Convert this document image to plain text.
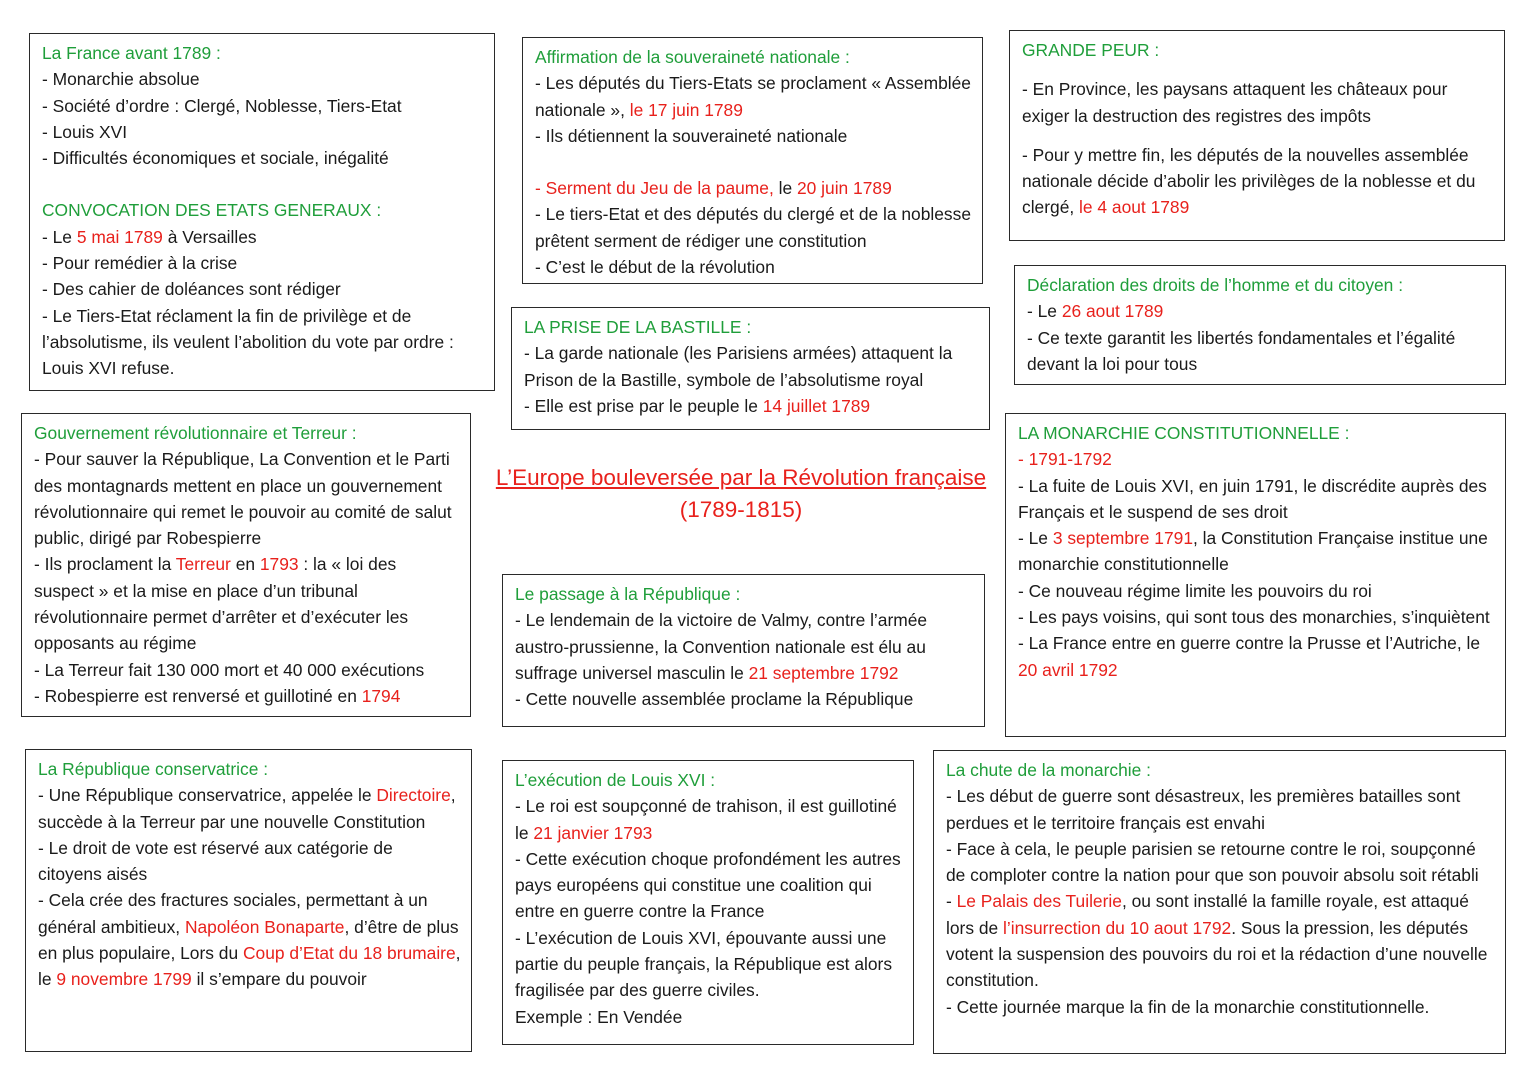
L’Europe bouleversée par la Révolution française
(1789-1815)

La France avant 1789 :

- Monarchie absolue

- Société d’ordre : Clergé, Noblesse, Tiers-Etat

- Louis XVI

- Difficultés économiques et sociale, inégalité

CONVOCATION DES ETATS GENERAUX :

- Le 5 mai 1789 à Versailles

- Pour remédier à la crise

- Des cahier de doléances sont rédiger

- Le Tiers-Etat réclament la fin de privilège et de l’absolutisme, ils veulent l’abolition du vote par ordre : Louis XVI refuse.

Affirmation de la souveraineté nationale :

- Les députés du Tiers-Etats se proclament « Assemblée nationale », le 17 juin 1789

- Ils détiennent la souveraineté nationale

- Serment du Jeu de la paume, le 20 juin 1789

- Le tiers-Etat et des députés du clergé et de la noblesse prêtent serment de rédiger une constitution

- C’est le début de la révolution

GRANDE PEUR :

- En Province, les paysans attaquent les châteaux pour exiger la destruction des registres des impôts

- Pour y mettre fin, les députés de la nouvelles assemblée nationale décide d’abolir les privilèges de la noblesse et du clergé, le 4 aout 1789

LA PRISE DE LA BASTILLE :

- La garde nationale (les Parisiens armées) attaquent la Prison de la Bastille, symbole de l’absolutisme royal

- Elle est prise par le peuple le 14 juillet 1789

Déclaration des droits de l’homme et du citoyen :

- Le 26 aout 1789

- Ce texte garantit les libertés fondamentales et l’égalité devant la loi pour tous

Gouvernement révolutionnaire et Terreur :

- Pour sauver la République, La Convention et le Parti des montagnards mettent en place un gouvernement révolutionnaire qui remet le pouvoir au comité de salut public, dirigé par Robespierre

- Ils proclament la Terreur en 1793 : la « loi des suspect » et la mise en place d’un tribunal révolutionnaire permet d’arrêter et d’exécuter les opposants au régime

- La Terreur fait 130 000 mort et 40 000 exécutions

- Robespierre est renversé et guillotiné en 1794

LA MONARCHIE CONSTITUTIONNELLE :

- 1791-1792

- La fuite de Louis XVI, en juin 1791, le discrédite auprès des Français et le suspend de ses droit

- Le 3 septembre 1791, la Constitution Française institue une monarchie constitutionnelle

- Ce nouveau régime limite les pouvoirs du roi

- Les pays voisins, qui sont tous des monarchies, s’inquiètent

- La France entre en guerre contre la Prusse et l’Autriche, le 20 avril 1792

Le passage à la République :

- Le lendemain de la victoire de Valmy, contre l’armée austro-prussienne, la Convention nationale est élu au suffrage universel masculin le 21 septembre 1792

- Cette nouvelle assemblée proclame la République

La République conservatrice :

- Une République conservatrice, appelée le Directoire, succède à la Terreur par une nouvelle Constitution

- Le droit de vote est réservé aux catégorie de citoyens aisés

- Cela crée des fractures sociales, permettant à un général ambitieux, Napoléon Bonaparte, d’être de plus en plus populaire, Lors du Coup d’Etat du 18 brumaire, le 9 novembre 1799 il s’empare du pouvoir

L’exécution de Louis XVI :

- Le roi est soupçonné de trahison, il est guillotiné le 21 janvier 1793

- Cette exécution choque profondément les autres pays européens qui constitue une coalition qui entre en guerre contre la France

- L’exécution de Louis XVI, épouvante aussi une partie du peuple français, la République est alors fragilisée par des guerre civiles.

Exemple : En Vendée

La chute de la monarchie :

- Les début de guerre sont désastreux, les premières batailles sont perdues et le territoire français est envahi

- Face à cela, le peuple parisien se retourne contre le roi, soupçonné de comploter contre la nation pour que son pouvoir absolu soit rétabli

- Le Palais des Tuilerie, ou sont installé la famille royale, est attaqué lors de l’insurrection du 10 aout 1792. Sous la pression, les députés votent la suspension des pouvoirs du roi et la rédaction d’une nouvelle constitution.

- Cette journée marque la fin de la monarchie constitutionnelle.
